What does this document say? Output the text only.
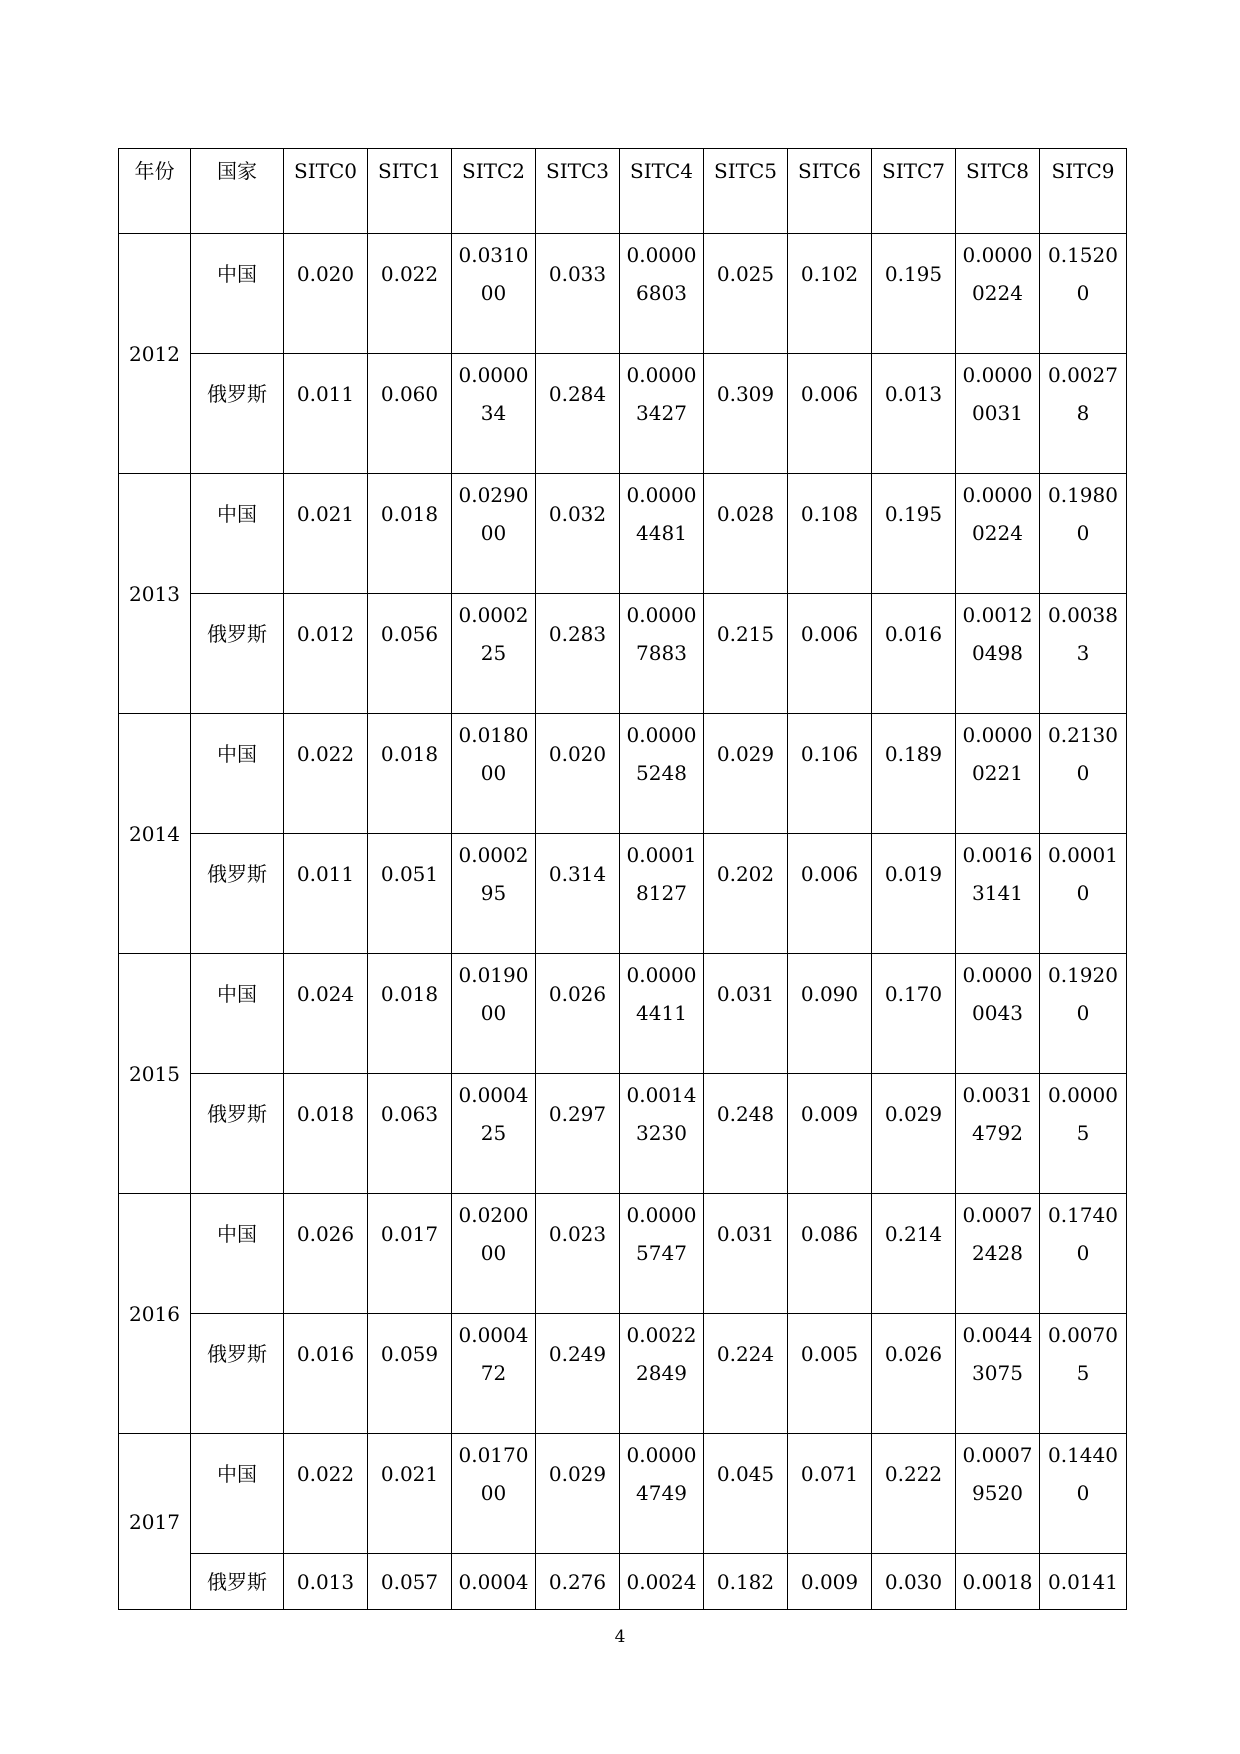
年份	国家	SITC0	SITC1	SITC2	SITC3	SITC4	SITC5	SITC6	SITC7	SITC8	SITC9
2012	中国	0.020	0.022	0.031000	0.033	0.00006803	0.025	0.102	0.195	0.00000224	0.15200

	俄罗斯	0.011	0.060	0.000034	0.284	0.00003427	0.309	0.006	0.013	0.00000031	0.00278

2013	中国	0.021	0.018	0.029000	0.032	0.00004481	0.028	0.108	0.195	0.00000224	0.19800

	俄罗斯	0.012	0.056	0.000225	0.283	0.00007883	0.215	0.006	0.016	0.00120498	0.00383

2014	中国	0.022	0.018	0.018000	0.020	0.00005248	0.029	0.106	0.189	0.00000221	0.21300

	俄罗斯	0.011	0.051	0.000295	0.314	0.00018127	0.202	0.006	0.019	0.00163141	0.00010

2015	中国	0.024	0.018	0.019000	0.026	0.00004411	0.031	0.090	0.170	0.00000043	0.19200

	俄罗斯	0.018	0.063	0.000425	0.297	0.00143230	0.248	0.009	0.029	0.00314792	0.00005

2016	中国	0.026	0.017	0.020000	0.023	0.00005747	0.031	0.086	0.214	0.00072428	0.17400

	俄罗斯	0.016	0.059	0.000472	0.249	0.00222849	0.224	0.005	0.026	0.00443075	0.00705

2017	中国	0.022	0.021	0.017000	0.029	0.00004749	0.045	0.071	0.222	0.00079520	0.14400

	俄罗斯	0.013	0.057	0.0004	0.276	0.0024	0.182	0.009	0.030	0.0018	0.0141
4
